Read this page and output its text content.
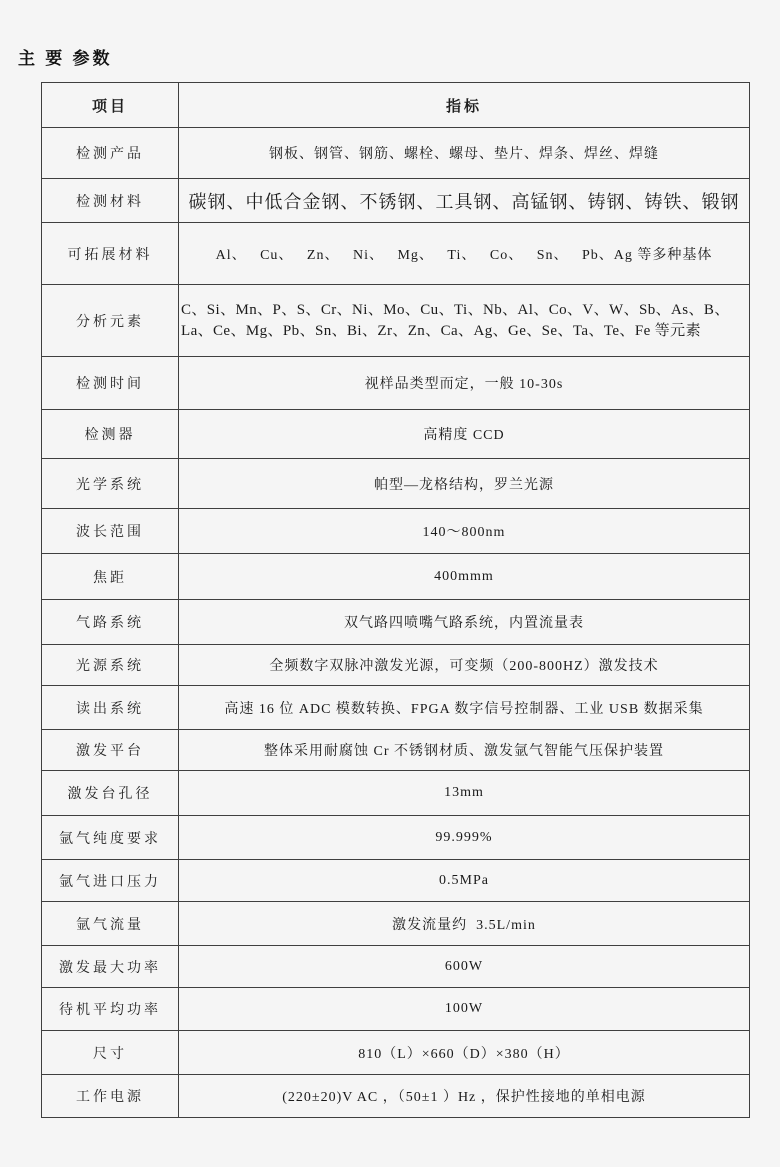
主 要 参数
项目	指标
检测产品	钢板、钢管、钢筋、螺栓、螺母、垫片、焊条、焊丝、焊缝
检测材料	碳钢、中低合金钢、不锈钢、工具钢、高锰钢、铸钢、铸铁、锻钢
可拓展材料	Al、   Cu、   Zn、   Ni、   Mg、   Ti、   Co、   Sn、   Pb、Ag 等多种基体
分析元素	C、Si、Mn、P、S、Cr、Ni、Mo、Cu、Ti、Nb、Al、Co、V、W、Sb、As、B、La、Ce、Mg、Pb、Sn、Bi、Zr、Zn、Ca、Ag、Ge、Se、Ta、Te、Fe 等元素
检测时间	视样品类型而定，一般 10-30s
检测器	高精度 CCD
光学系统	帕型—龙格结构，罗兰光源
波长范围	140～800nm
焦距	400mmm
气路系统	双气路四喷嘴气路系统，内置流量表
光源系统	全频数字双脉冲激发光源，可变频（200-800HZ）激发技术
读出系统	高速 16 位 ADC 模数转换、FPGA 数字信号控制器、工业 USB 数据采集
激发平台	整体采用耐腐蚀 Cr 不锈钢材质、激发氩气智能气压保护装置
激发台孔径	13mm
氩气纯度要求	99.999%
氩气进口压力	0.5MPa
氩气流量	激发流量约  3.5L/min
激发最大功率	600W
待机平均功率	100W
尺寸	810（L）×660（D）×380（H）
工作电源	(220±20)V AC ，（50±1 ）Hz ，保护性接地的单相电源
